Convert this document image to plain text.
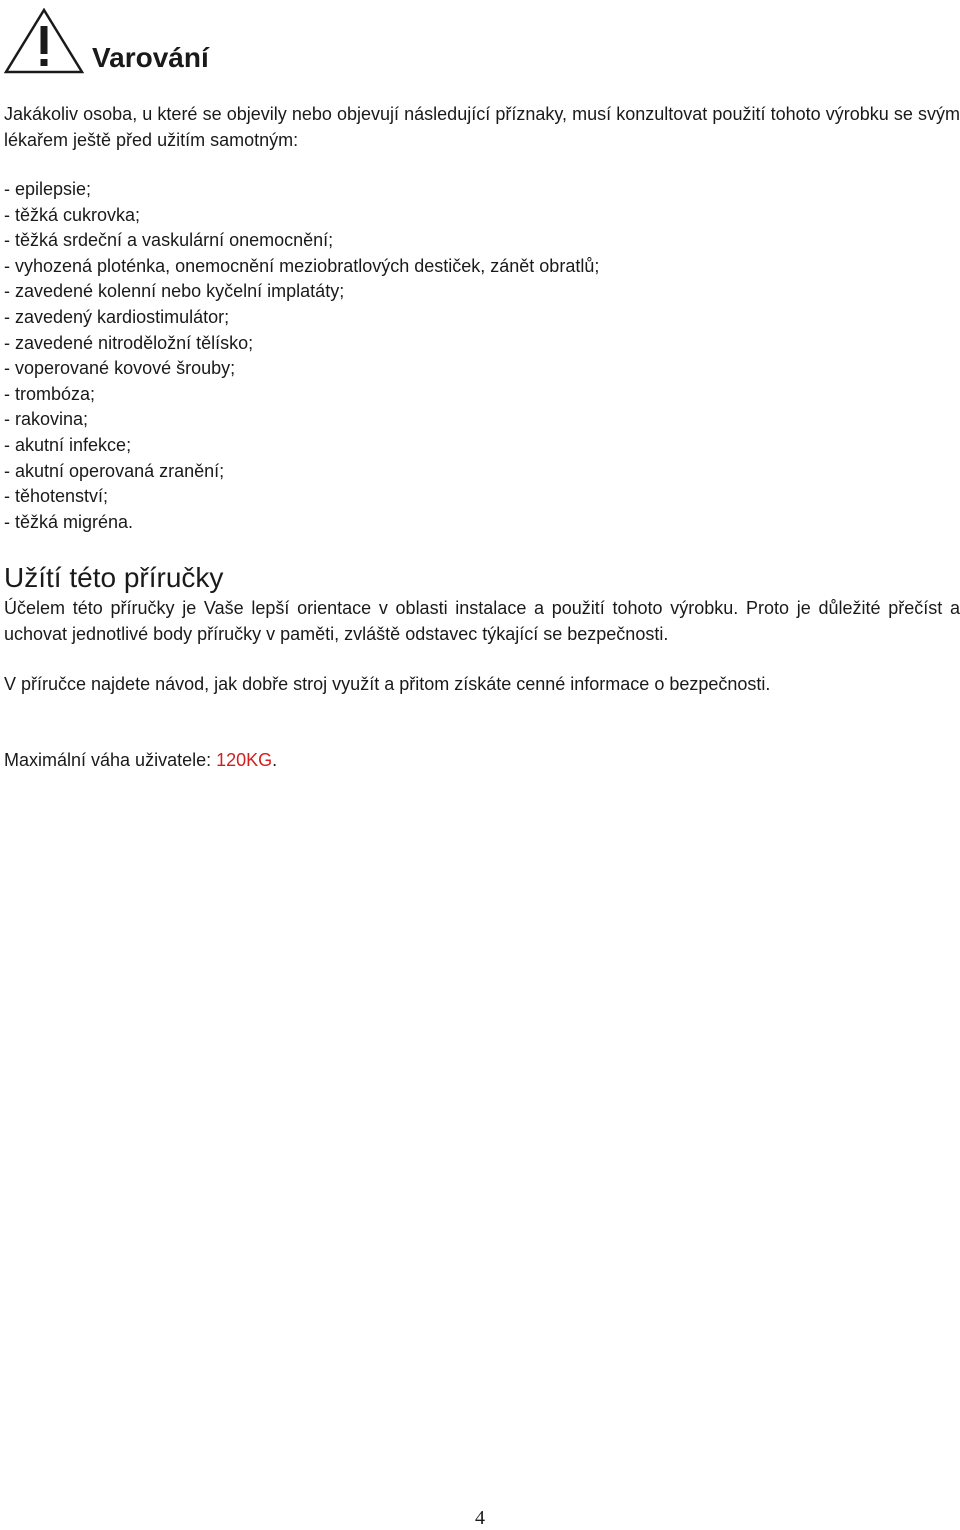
Varování

Jakákoliv osoba, u které se objevily nebo objevují následující příznaky, musí konzultovat použití tohoto výrobku se svým lékařem ještě před užitím samotným:

- epilepsie;
- těžká cukrovka;
- těžká srdeční a vaskulární onemocnění;
- vyhozená ploténka, onemocnění meziobratlových destiček, zánět obratlů;
- zavedené kolenní nebo kyčelní implatáty;
- zavedený kardiostimulátor;
- zavedené nitroděložní tělísko;
- voperované kovové šrouby;
- trombóza;
- rakovina;
- akutní infekce;
- akutní operovaná zranění;
- těhotenství;
- těžká migréna.
Užítí této příručky

Účelem této příručky je Vaše lepší orientace v oblasti instalace a použití tohoto výrobku. Proto je důležité přečíst a uchovat jednotlivé body příručky v paměti, zvláště odstavec týkající se bezpečnosti.

V příručce najdete návod, jak dobře stroj využít a přitom získáte cenné informace o bezpečnosti.

Maximální váha uživatele: 120KG.

4
